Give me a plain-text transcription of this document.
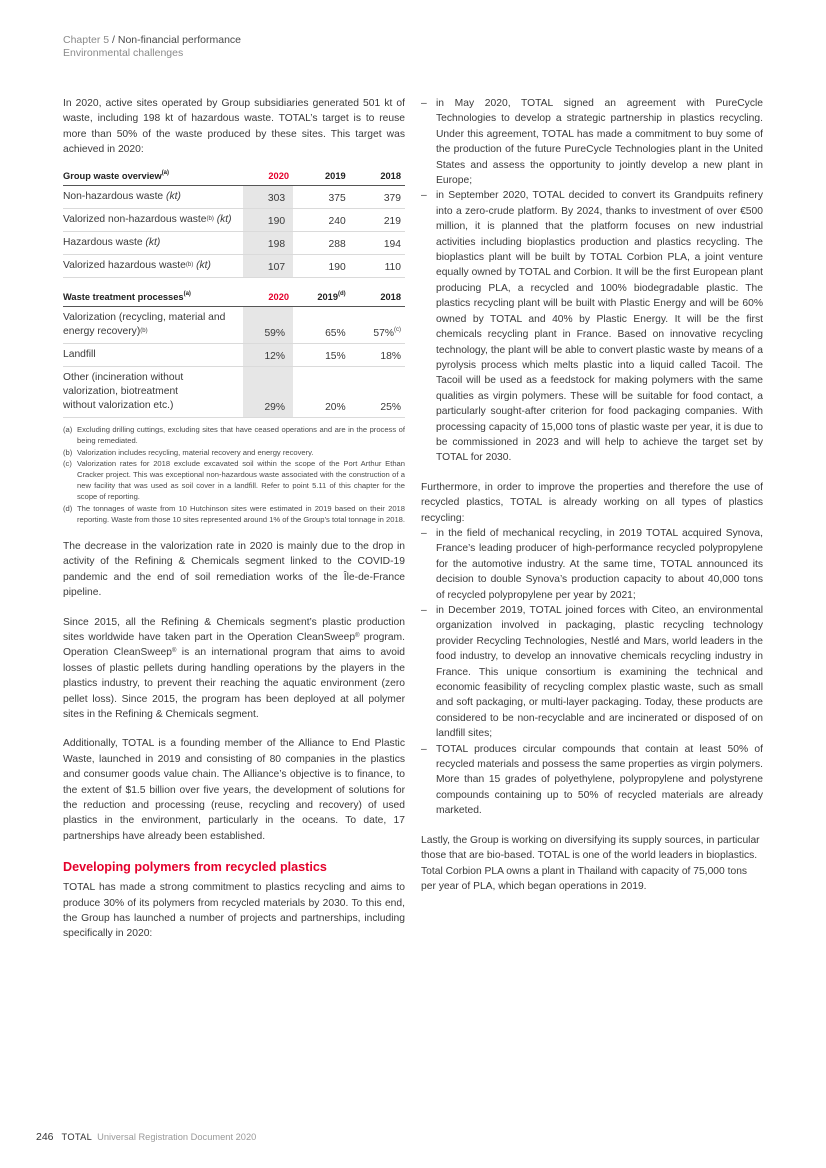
Chapter 5 / Non-financial performance
Environmental challenges

In 2020, active sites operated by Group subsidiaries generated 501 kt of waste, including 198 kt of hazardous waste. TOTAL’s target is to reuse more than 50% of the waste produced by these sites. This target was achieved in 2020:

Group waste overview$^{(a)}$	2020	2019	2018
Non-hazardous waste (kt)	303	375	379
Valorized non-hazardous waste$^{(b)}$ (kt)	190	240	219
Hazardous waste (kt)	198	288	194
Valorized hazardous waste$^{(b)}$ (kt)	107	190	110

Waste treatment processes$^{(a)}$	2020	2019$^{(d)}$	2018
Valorization (recycling, material and energy recovery)$^{(b)}$	59%	65%	57%$^{(c)}$
Landfill	12%	15%	18%
Other (incineration without valorization, biotreatment without valorization etc.)	29%	20%	25%
(a) Excluding drilling cuttings, excluding sites that have ceased operations and are in the process of being remediated.
(b) Valorization includes recycling, material recovery and energy recovery.
(c) Valorization rates for 2018 exclude excavated soil within the scope of the Port Arthur Ethan Cracker project. This was exceptional non-hazardous waste associated with the construction of a new facility that was used as soil cover in a landfill. Refer to point 5.11 of this chapter for the scope of reporting.
(d) The tonnages of waste from 10 Hutchinson sites were estimated in 2019 based on their 2018 reporting. Waste from those 10 sites represented around 1% of the Group’s total tonnage in 2018.

The decrease in the valorization rate in 2020 is mainly due to the drop in activity of the Refining & Chemicals segment linked to the COVID-19 pandemic and the end of soil remediation works of the Île-de-France pipeline.

Since 2015, all the Refining & Chemicals segment’s plastic production sites worldwide have taken part in the Operation CleanSweep® program. Operation CleanSweep® is an international program that aims to avoid losses of plastic pellets during handling operations by the players in the plastics industry, to prevent their reaching the aquatic environment (zero pellet loss). Since 2015, the program has been deployed at all polymer sites in the Refining & Chemicals segment.

Additionally, TOTAL is a founding member of the Alliance to End Plastic Waste, launched in 2019 and consisting of 80 companies in the plastics and consumer goods value chain. The Alliance’s objective is to finance, to the extent of $1.5 billion over five years, the development of solutions for the reduction and processing (reuse, recycling and recovery) of used plastics in the environment, particularly in the oceans. To date, 17 partnerships have already been established.

Developing polymers from recycled plastics

TOTAL has made a strong commitment to plastics recycling and aims to produce 30% of its polymers from recycled materials by 2030. To this end, the Group has launched a number of projects and partnerships, including specifically in 2020:

– in May 2020, TOTAL signed an agreement with PureCycle Technologies to develop a strategic partnership in plastics recycling. Under this agreement, TOTAL has made a commitment to buy some of the production of the future PureCycle Technologies plant in the United States and assess the opportunity to jointly develop a new plant in Europe;
– in September 2020, TOTAL decided to convert its Grandpuits refinery into a zero-crude platform. By 2024, thanks to investment of over €500 million, it is planned that the platform focuses on new industrial activities including bioplastics production and plastics recycling. The bioplastics plant will be built by TOTAL Corbion PLA, a joint venture equally owned by TOTAL and Corbion. It will be the first European plant producing PLA, a recycled and 100% biodegradable plastic. The plastics recycling plant will be built with Plastic Energy and will be 60% owned by TOTAL and 40% by Plastic Energy. It will be the first chemicals recycling plant in France. Based on innovative recycling technology, the plant will be able to convert plastic waste by means of a pyrolysis process which melts plastic into a liquid called Tacoil. The Tacoil will be used as a feedstock for making polymers with the same qualities as virgin polymers. These will be suitable for food contact, a particularly sought-after criterion for food packaging companies. With processing capacity of 15,000 tons of plastic waste per year, it is due to be commissioned in 2023 and will help to achieve the target set by TOTAL for 2030.

Furthermore, in order to improve the properties and therefore the use of recycled plastics, TOTAL is already working on all types of plastics recycling:

– in the field of mechanical recycling, in 2019 TOTAL acquired Synova, France’s leading producer of high-performance recycled polypropylene for the automotive industry. At the same time, TOTAL announced its decision to double Synova’s production capacity to about 40,000 tons of recycled polypropylene per year by 2021;
– in December 2019, TOTAL joined forces with Citeo, an environmental organization involved in packaging, plastic recycling technology provider Recycling Technologies, Nestlé and Mars, world leaders in the food industry, to develop an innovative chemicals recycling industry in France. This unique consortium is examining the technical and economic feasibility of recycling complex plastic waste, such as small and soft packaging, or multi-layer packaging. Today, these products are considered to be non-recyclable and are incinerated or disposed of on landfill sites;
– TOTAL produces circular compounds that contain at least 50% of recycled materials and possess the same properties as virgin polymers. More than 15 grades of polyethylene, polypropylene and polystyrene compounds containing up to 50% of recycled materials are already marketed.

Lastly, the Group is working on diversifying its supply sources, in particular those that are bio-based. TOTAL is one of the world leaders in bioplastics. Total Corbion PLA owns a plant in Thailand with capacity of 75,000 tons per year of PLA, which began operations in 2019.

246 TOTAL Universal Registration Document 2020
